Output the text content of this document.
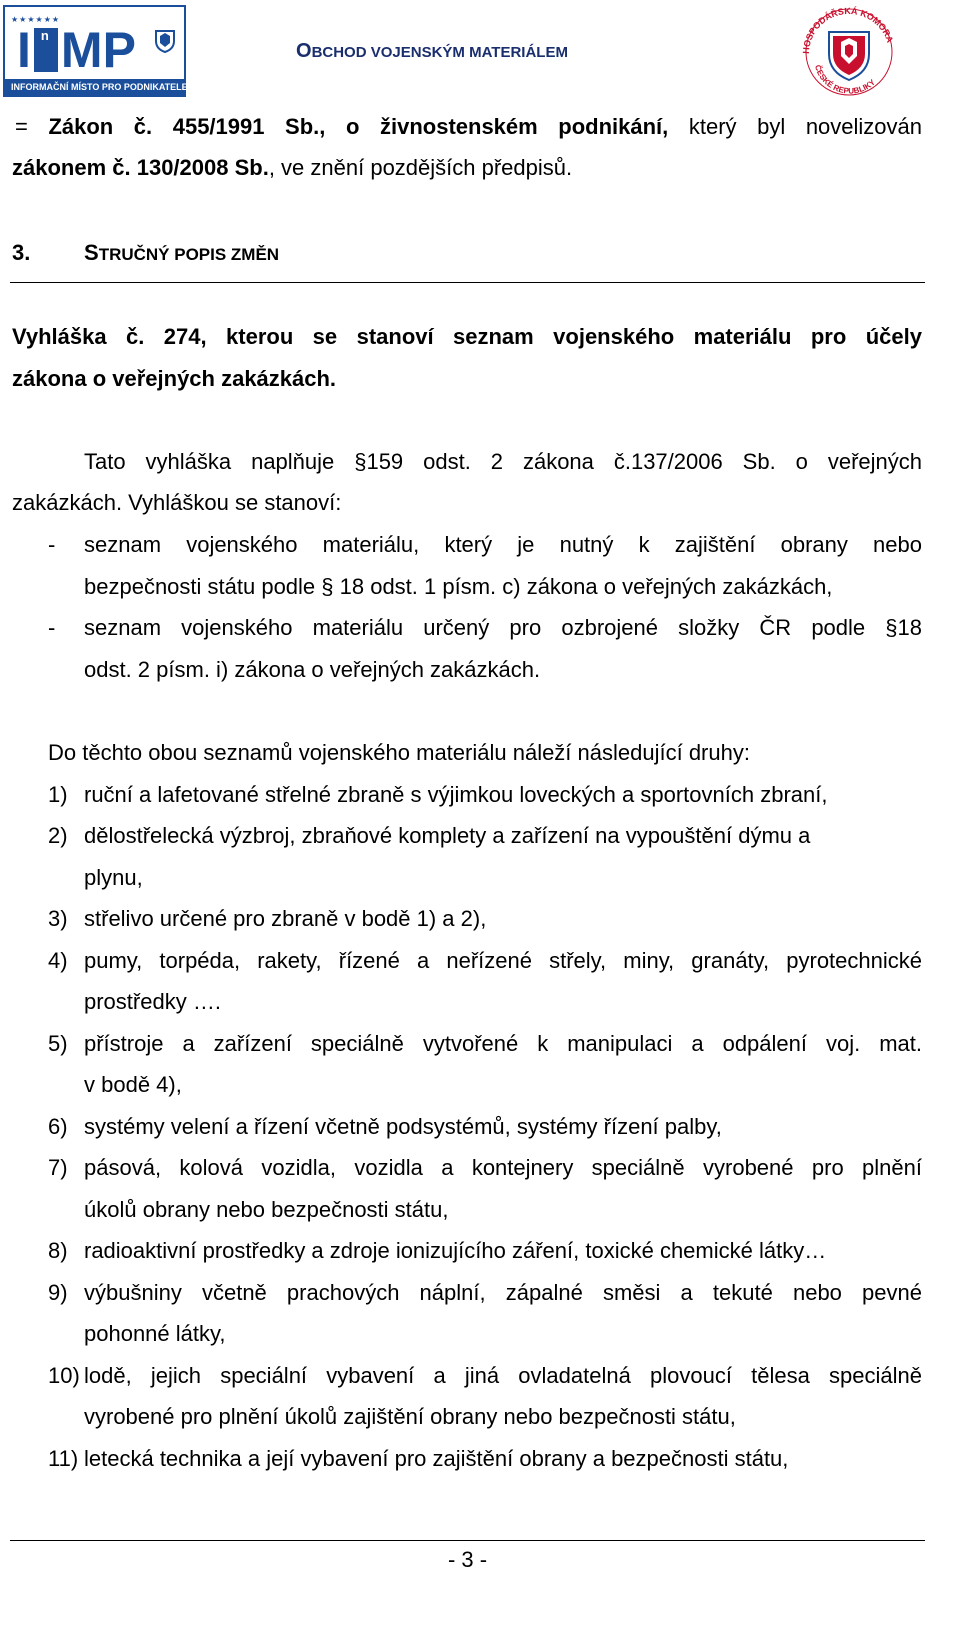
★★★★★★
I n M P
INFORMAČNÍ MÍSTO PRO PODNIKATELE
OBCHOD VOJENSKÝM MATERIÁLEM	HOSPODÁŘSKÁ KOMORA
ČESKÉ REPUBLIKY
= Zákon č. 455/1991 Sb., o živnostenském podnikání, který byl novelizován
zákonem č. 130/2008 Sb., ve znění pozdějších předpisů.
3. STRUČNÝ POPIS ZMĚN
Vyhláška č. 274, kterou se stanoví seznam vojenského materiálu pro účely
zákona o veřejných zakázkách.
Tato vyhláška naplňuje §159 odst. 2 zákona č.137/2006 Sb. o veřejných
zakázkách. Vyhláškou se stanoví:
- seznam vojenského materiálu, který je nutný k zajištění obrany nebo
bezpečnosti státu podle § 18 odst. 1 písm. c) zákona o veřejných zakázkách,
- seznam vojenského materiálu určený pro ozbrojené složky ČR podle §18
odst. 2 písm. i) zákona o veřejných zakázkách.
Do těchto obou seznamů vojenského materiálu náleží následující druhy:
1) ruční a lafetované střelné zbraně s výjimkou loveckých a sportovních zbraní,
2) dělostřelecká výzbroj, zbraňové komplety a zařízení na vypouštění dýmu a
plynu,
3) střelivo určené pro zbraně v bodě 1) a 2),
4) pumy, torpéda, rakety, řízené a neřízené střely, miny, granáty, pyrotechnické
prostředky ….
5) přístroje a zařízení speciálně vytvořené k manipulaci a odpálení voj. mat.
v bodě 4),
6) systémy velení a řízení včetně podsystémů, systémy řízení palby,
7) pásová, kolová vozidla, vozidla a kontejnery speciálně vyrobené pro plnění
úkolů obrany nebo bezpečnosti státu,
8) radioaktivní prostředky a zdroje ionizujícího záření, toxické chemické látky…
9) výbušniny včetně prachových náplní, zápalné směsi a tekuté nebo pevné
pohonné látky,
10) lodě, jejich speciální vybavení a jiná ovladatelná plovoucí tělesa speciálně
vyrobené pro plnění úkolů zajištění obrany nebo bezpečnosti státu,
11) letecká technika a její vybavení pro zajištění obrany a bezpečnosti státu,
- 3 -
